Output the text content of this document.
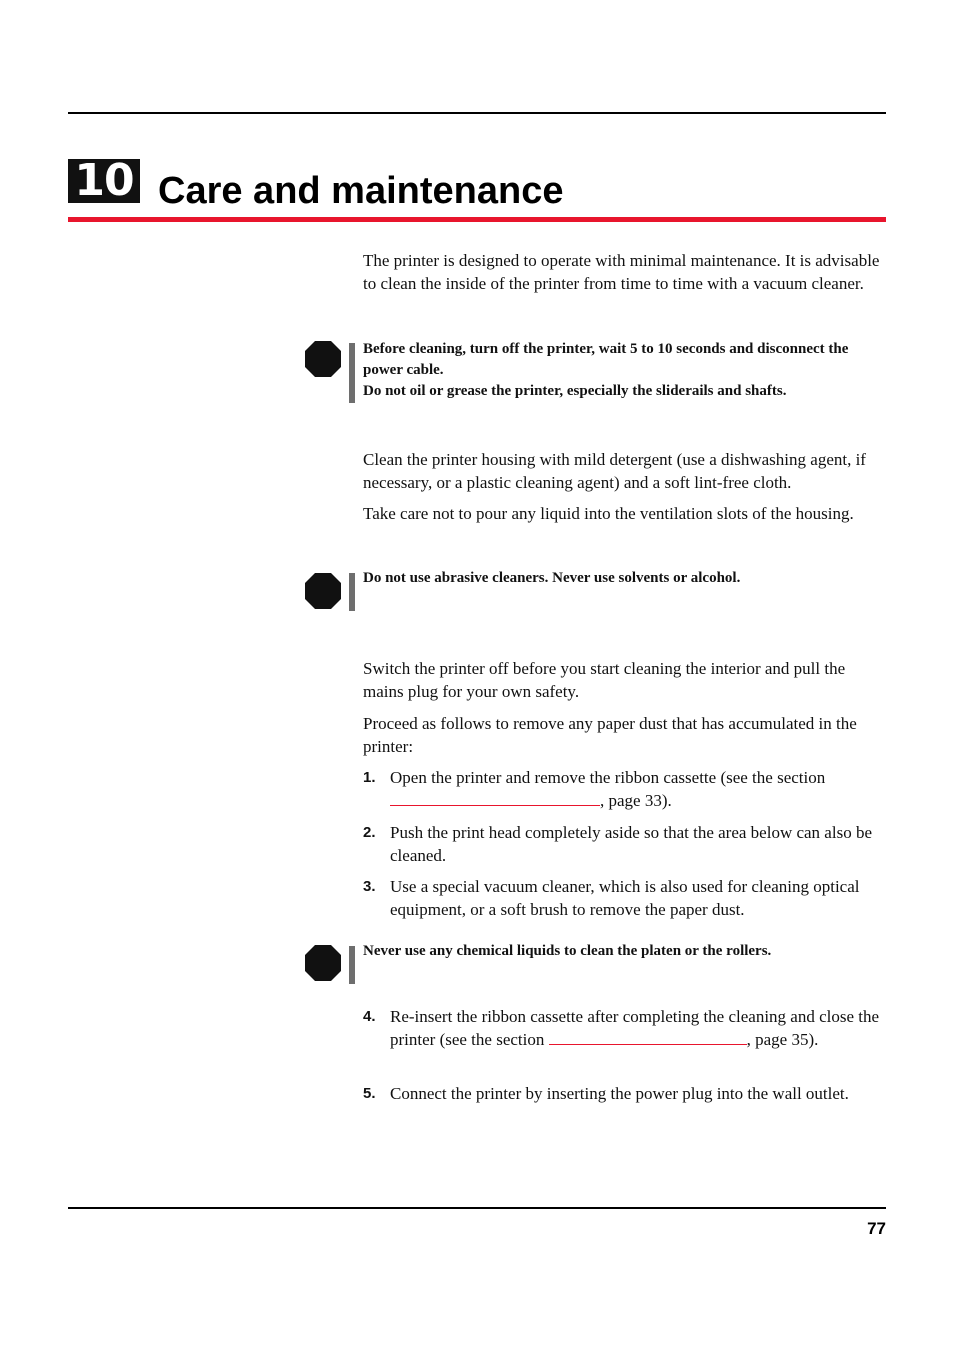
10 Care and maintenance

The printer is designed to operate with minimal maintenance. It is advisable to clean the inside of the printer from time to time with a vacuum cleaner.

Before cleaning, turn off the printer, wait 5 to 10 seconds and disconnect the power cable.
Do not oil or grease the printer, especially the sliderails and shafts.

Clean the printer housing with mild detergent (use a dishwashing agent, if necessary, or a plastic cleaning agent) and a soft lint-free cloth.

Take care not to pour any liquid into the ventilation slots of the housing.

Do not use abrasive cleaners. Never use solvents or alcohol.

Switch the printer off before you start cleaning the interior and pull the mains plug for your own safety.

Proceed as follows to remove any paper dust that has accumulated in the printer:

1. Open the printer and remove the ribbon cassette (see the section , page 33).

2. Push the print head completely aside so that the area below can also be cleaned.

3. Use a special vacuum cleaner, which is also used for cleaning optical equipment, or a soft brush to remove the paper dust.

Never use any chemical liquids to clean the platen or the rollers.
4. Re-insert the ribbon cassette after completing the cleaning and close the printer (see the section	, page 35).

5. Connect the printer by inserting the power plug into the wall outlet.

77
